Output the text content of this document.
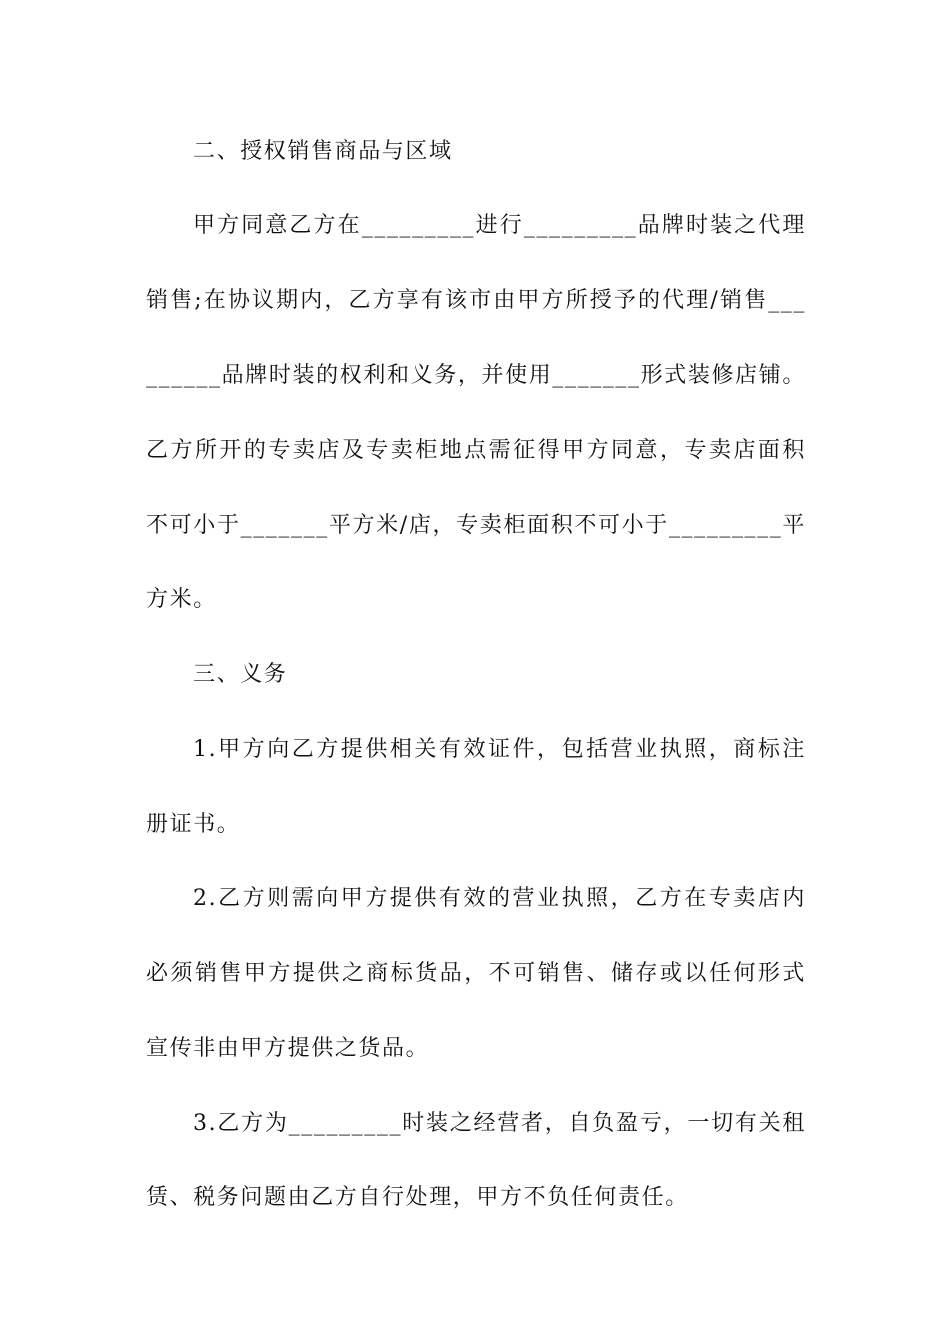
二、授权销售商品与区域
甲方同意乙方在_________进行_________品牌时装之代理
销售;在协议期内，乙方享有该市由甲方所授予的代理/销售___
______品牌时装的权利和义务，并使用_______形式装修店铺。
乙方所开的专卖店及专卖柜地点需征得甲方同意，专卖店面积
不可小于_______平方米/店，专卖柜面积不可小于_________平
方米。
三、义务
1.甲方向乙方提供相关有效证件，包括营业执照，商标注
册证书。
2.乙方则需向甲方提供有效的营业执照，乙方在专卖店内
必须销售甲方提供之商标货品，不可销售、储存或以任何形式
宣传非由甲方提供之货品。
3.乙方为_________时装之经营者，自负盈亏，一切有关租
赁、税务问题由乙方自行处理，甲方不负任何责任。
